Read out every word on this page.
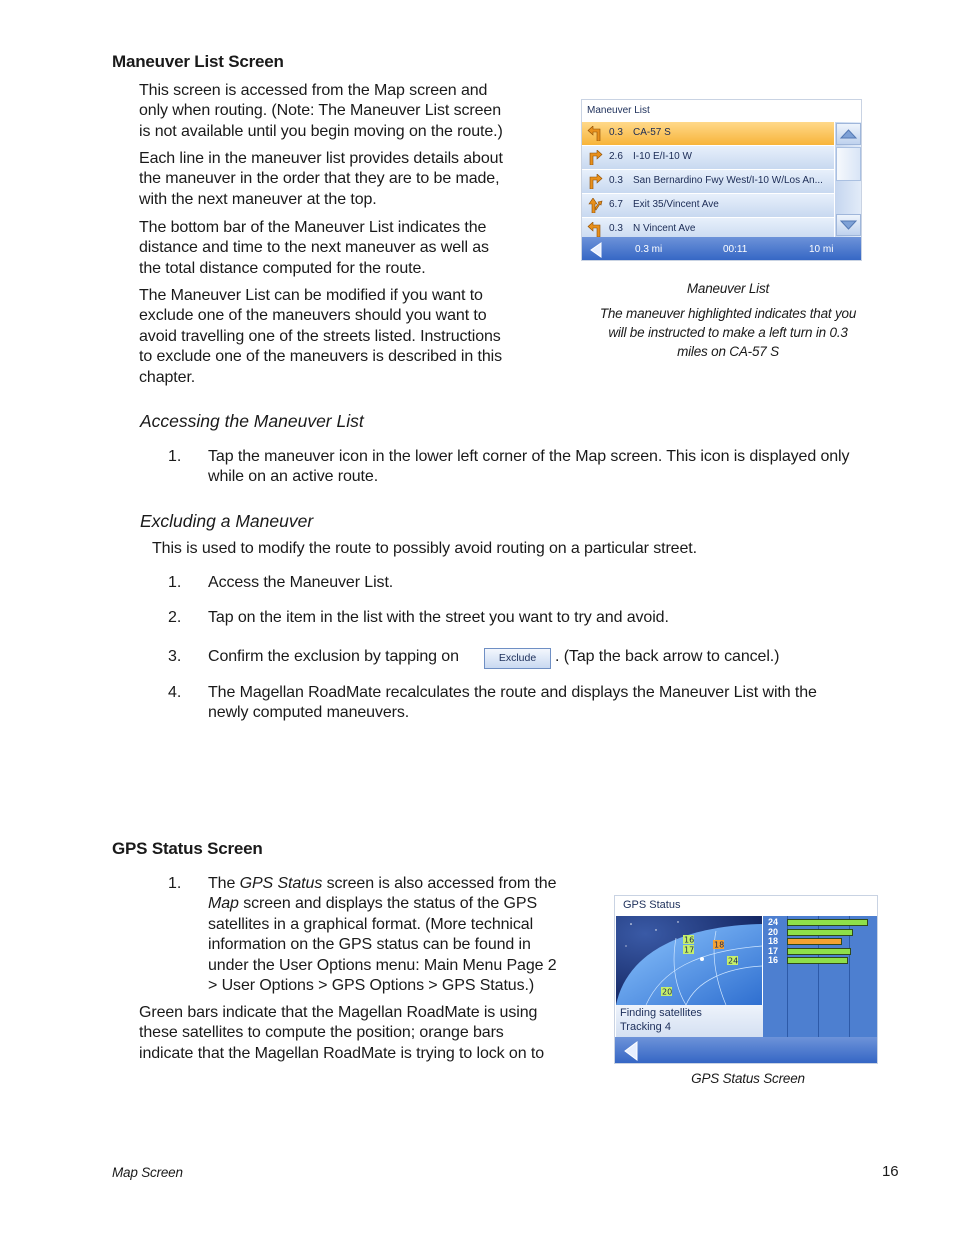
Maneuver List Screen
This screen is accessed from the Map screen and
only when routing. (Note: The Maneuver List screen
is not available until you begin moving on the route.)
Each line in the maneuver list provides details about
the maneuver in the order that they are to be made,
with the next maneuver at the top.
The bottom bar of the Maneuver List indicates the
distance and time to the next maneuver as well as
the total distance computed for the route.
The Maneuver List can be modified if you want to
exclude one of the maneuvers should you want to
avoid travelling one of the streets listed. Instructions
to exclude one of the maneuvers is described in this
chapter.
Maneuver List
0.3 CA-57 S
2.6 I-10 E/I-10 W
0.3 San Bernardino Fwy West/I-10 W/Los An...
6.7 Exit 35/Vincent Ave
0.3 N Vincent Ave
0.3 mi	00:11	10 mi
Maneuver List
The maneuver highlighted indicates that you
will be instructed to make a left turn in 0.3
miles on CA-57 S
Accessing the Maneuver List
1. Tap the maneuver icon in the lower left corner of the Map screen. This icon is displayed only
while on an active route.
Excluding a Maneuver
This is used to modify the route to possibly avoid routing on a particular street.
1. Access the Maneuver List.
2. Tap on the item in the list with the street you want to try and avoid.
3. Confirm the exclusion by tapping on	Exclude	. (Tap the back arrow to cancel.)
4. The Magellan RoadMate recalculates the route and displays the Maneuver List with the
newly computed maneuvers.
GPS Status Screen
1. The GPS Status screen is also accessed from the
Map screen and displays the status of the GPS
satellites in a graphical format. (More technical
information on the GPS status can be found in
under the User Options menu: Main Menu Page 2
> User Options > GPS Options > GPS Status.)
Green bars indicate that the Magellan RoadMate is using
these satellites to compute the position; orange bars
indicate that the Magellan RoadMate is trying to lock on to
GPS Status
16
17
18
24
20
24
20
18
17
16
Finding satellites
Tracking 4
GPS Status Screen
Map Screen	16
